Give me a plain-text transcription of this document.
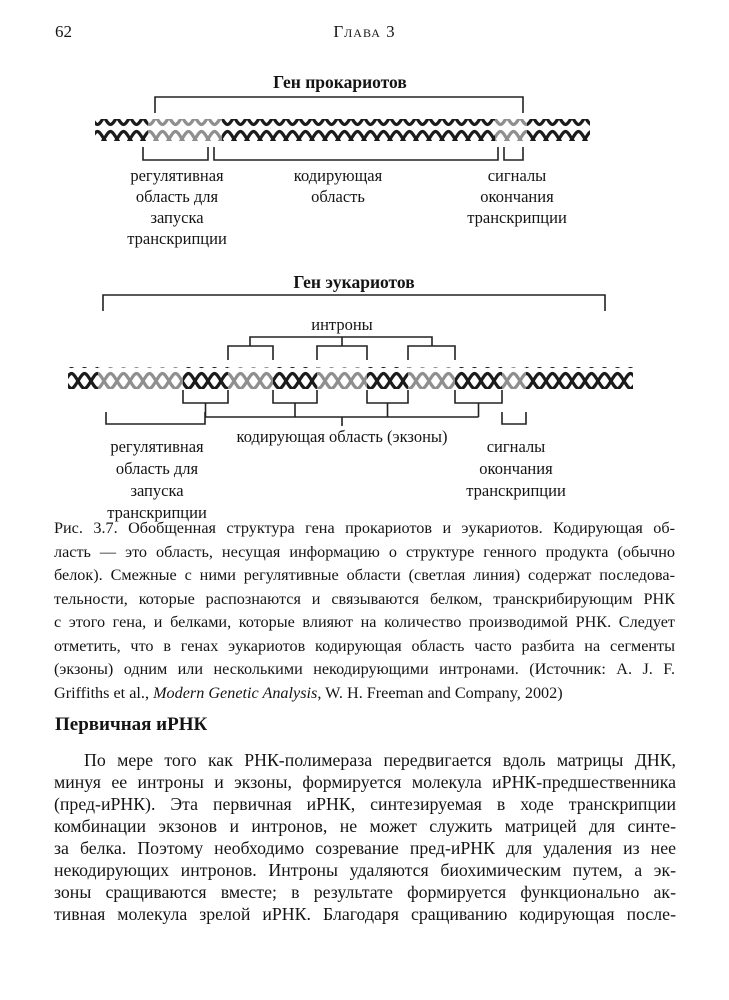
62	Глава 3
Ген прокариотов
регулятивная
область для
запуска
транскрипции
кодирующая
область
сигналы
окончания
транскрипции
Ген эукариотов
интроны
кодирующая область (экзоны)
регулятивная
область для
запуска
транскрипции
сигналы
окончания
транскрипции
Рис. 3.7. Обобщенная структура гена прокариотов и эукариотов. Кодирующая об-
ласть — это область, несущая информацию о структуре генного продукта (обычно
белок). Смежные с ними регулятивные области (светлая линия) содержат последова-
тельности, которые распознаются и связываются белком, транскрибирующим РНК
с этого гена, и белками, которые влияют на количество производимой РНК. Следует
отметить, что в генах эукариотов кодирующая область часто разбита на сегменты
(экзоны) одним или несколькими некодирующими интронами. (Источник: A. J. F.
Griffiths et al., Modern Genetic Analysis, W. H. Freeman and Company, 2002)
Первичная иРНК
По мере того как РНК-полимераза передвигается вдоль матрицы ДНК,
минуя ее интроны и экзоны, формируется молекула иРНК-предшественника
(пред-иРНК). Эта первичная иРНК, синтезируемая в ходе транскрипции
комбинации экзонов и интронов, не может служить матрицей для синте-
за белка. Поэтому необходимо созревание пред-иРНК для удаления из нее
некодирующих интронов. Интроны удаляются биохимическим путем, а эк-
зоны сращиваются вместе; в результате формируется функционально ак-
тивная молекула зрелой иРНК. Благодаря сращиванию кодирующая после-
